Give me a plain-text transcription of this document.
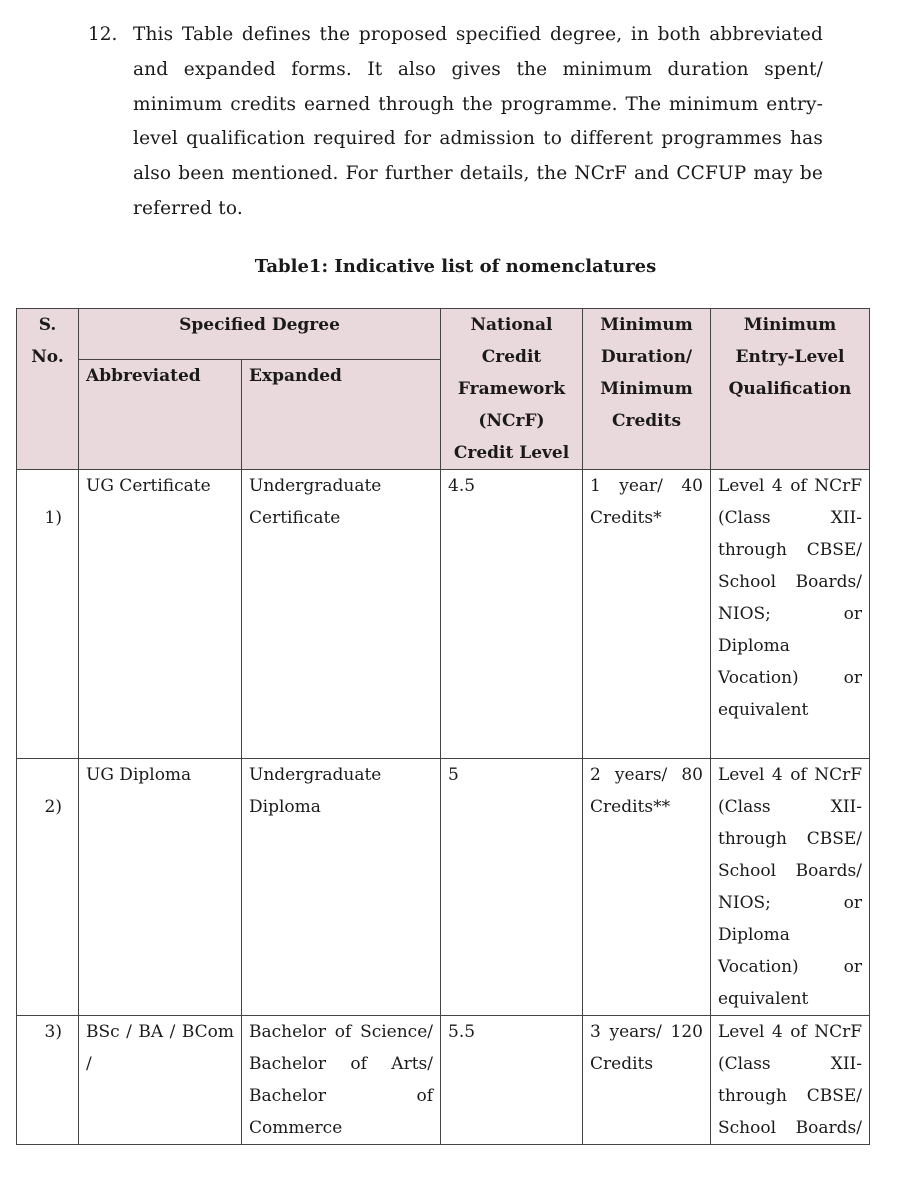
12. This Table defines the proposed specified degree, in both abbreviated and expanded forms. It also gives the minimum duration spent/ minimum credits earned through the programme. The minimum entry-level qualification required for admission to different programmes has also been mentioned. For further details, the NCrF and CCFUP may be referred to.
Table1: Indicative list of nomenclatures
S. No.	Specified Degree		National Credit Framework (NCrF) Credit Level	Minimum Duration/ Minimum Credits	Minimum Entry-Level Qualification
	Abbreviated	Expanded			
1)	UG Certificate	Undergraduate Certificate	4.5	1 year/ 40 Credits*	Level 4 of NCrF (Class XII- through CBSE/ School Boards/ NIOS; or Diploma Vocation) or equivalent
2)	UG Diploma	Undergraduate Diploma	5	2 years/ 80 Credits**	Level 4 of NCrF (Class XII- through CBSE/ School Boards/ NIOS; or Diploma Vocation) or equivalent
3)	BSc / BA / BCom /	Bachelor of Science/ Bachelor of Arts/ Bachelor of Commerce	5.5	3 years/ 120 Credits	Level 4 of NCrF (Class XII- through CBSE/ School Boards/
